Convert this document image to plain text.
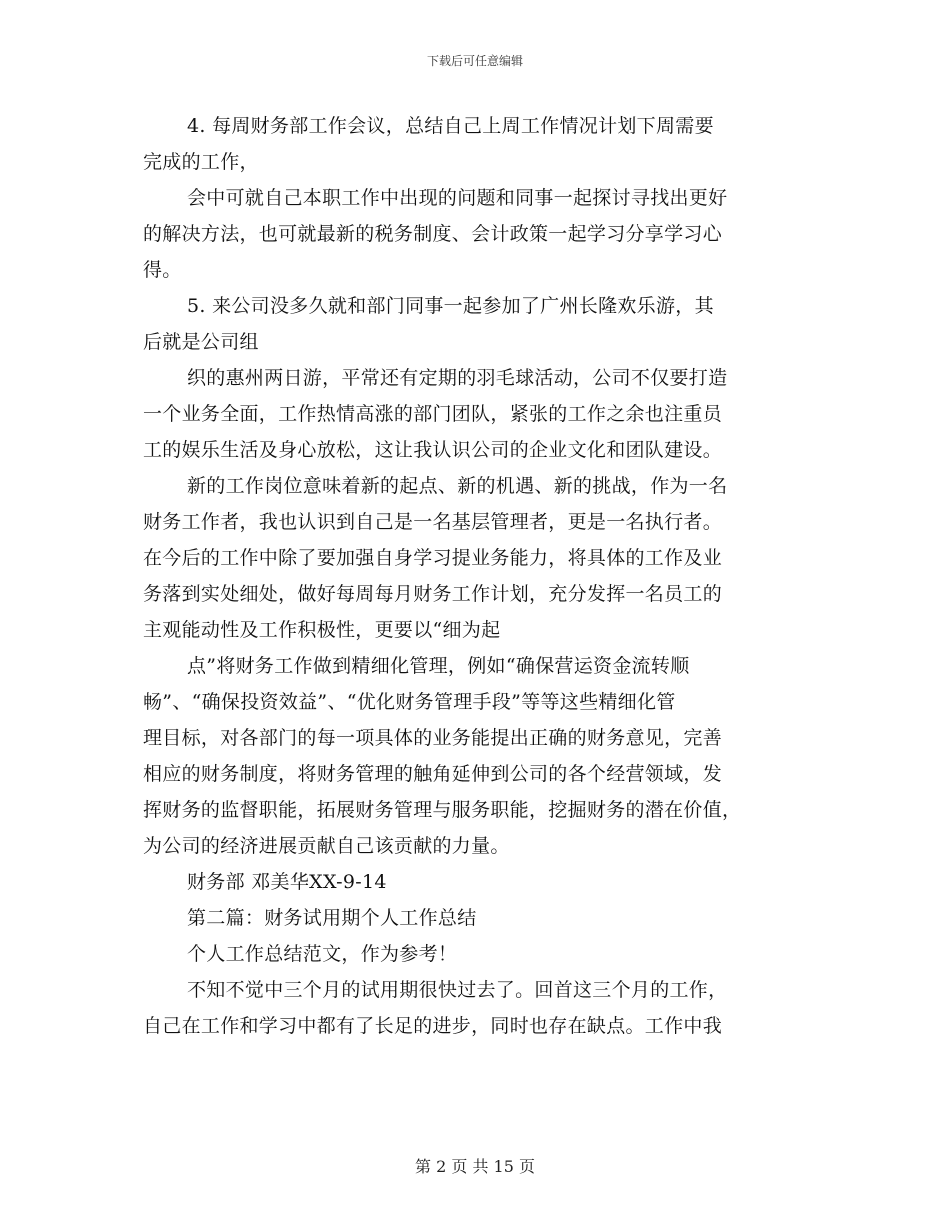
下载后可任意编辑
4. 每周财务部工作会议，总结自己上周工作情况计划下周需要
完成的工作，
会中可就自己本职工作中出现的问题和同事一起探讨寻找出更好
的解决方法，也可就最新的税务制度、会计政策一起学习分享学习心
得。
5. 来公司没多久就和部门同事一起参加了广州长隆欢乐游，其
后就是公司组
织的惠州两日游，平常还有定期的羽毛球活动，公司不仅要打造
一个业务全面，工作热情高涨的部门团队，紧张的工作之余也注重员
工的娱乐生活及身心放松，这让我认识公司的企业文化和团队建设。
新的工作岗位意味着新的起点、新的机遇、新的挑战，作为一名
财务工作者，我也认识到自己是一名基层管理者，更是一名执行者。
在今后的工作中除了要加强自身学习提业务能力，将具体的工作及业
务落到实处细处，做好每周每月财务工作计划，充分发挥一名员工的
主观能动性及工作积极性，更要以“细为起
点”将财务工作做到精细化管理，例如“确保营运资金流转顺
畅”、“确保投资效益”、“优化财务管理手段”等等这些精细化管
理目标，对各部门的每一项具体的业务能提出正确的财务意见，完善
相应的财务制度，将财务管理的触角延伸到公司的各个经营领域，发
挥财务的监督职能，拓展财务管理与服务职能，挖掘财务的潜在价值，
为公司的经济进展贡献自己该贡献的力量。
财务部 邓美华XX-9-14
第二篇：财务试用期个人工作总结
个人工作总结范文，作为参考！
不知不觉中三个月的试用期很快过去了。回首这三个月的工作，
自己在工作和学习中都有了长足的进步，同时也存在缺点。工作中我
第 2 页 共 15 页
